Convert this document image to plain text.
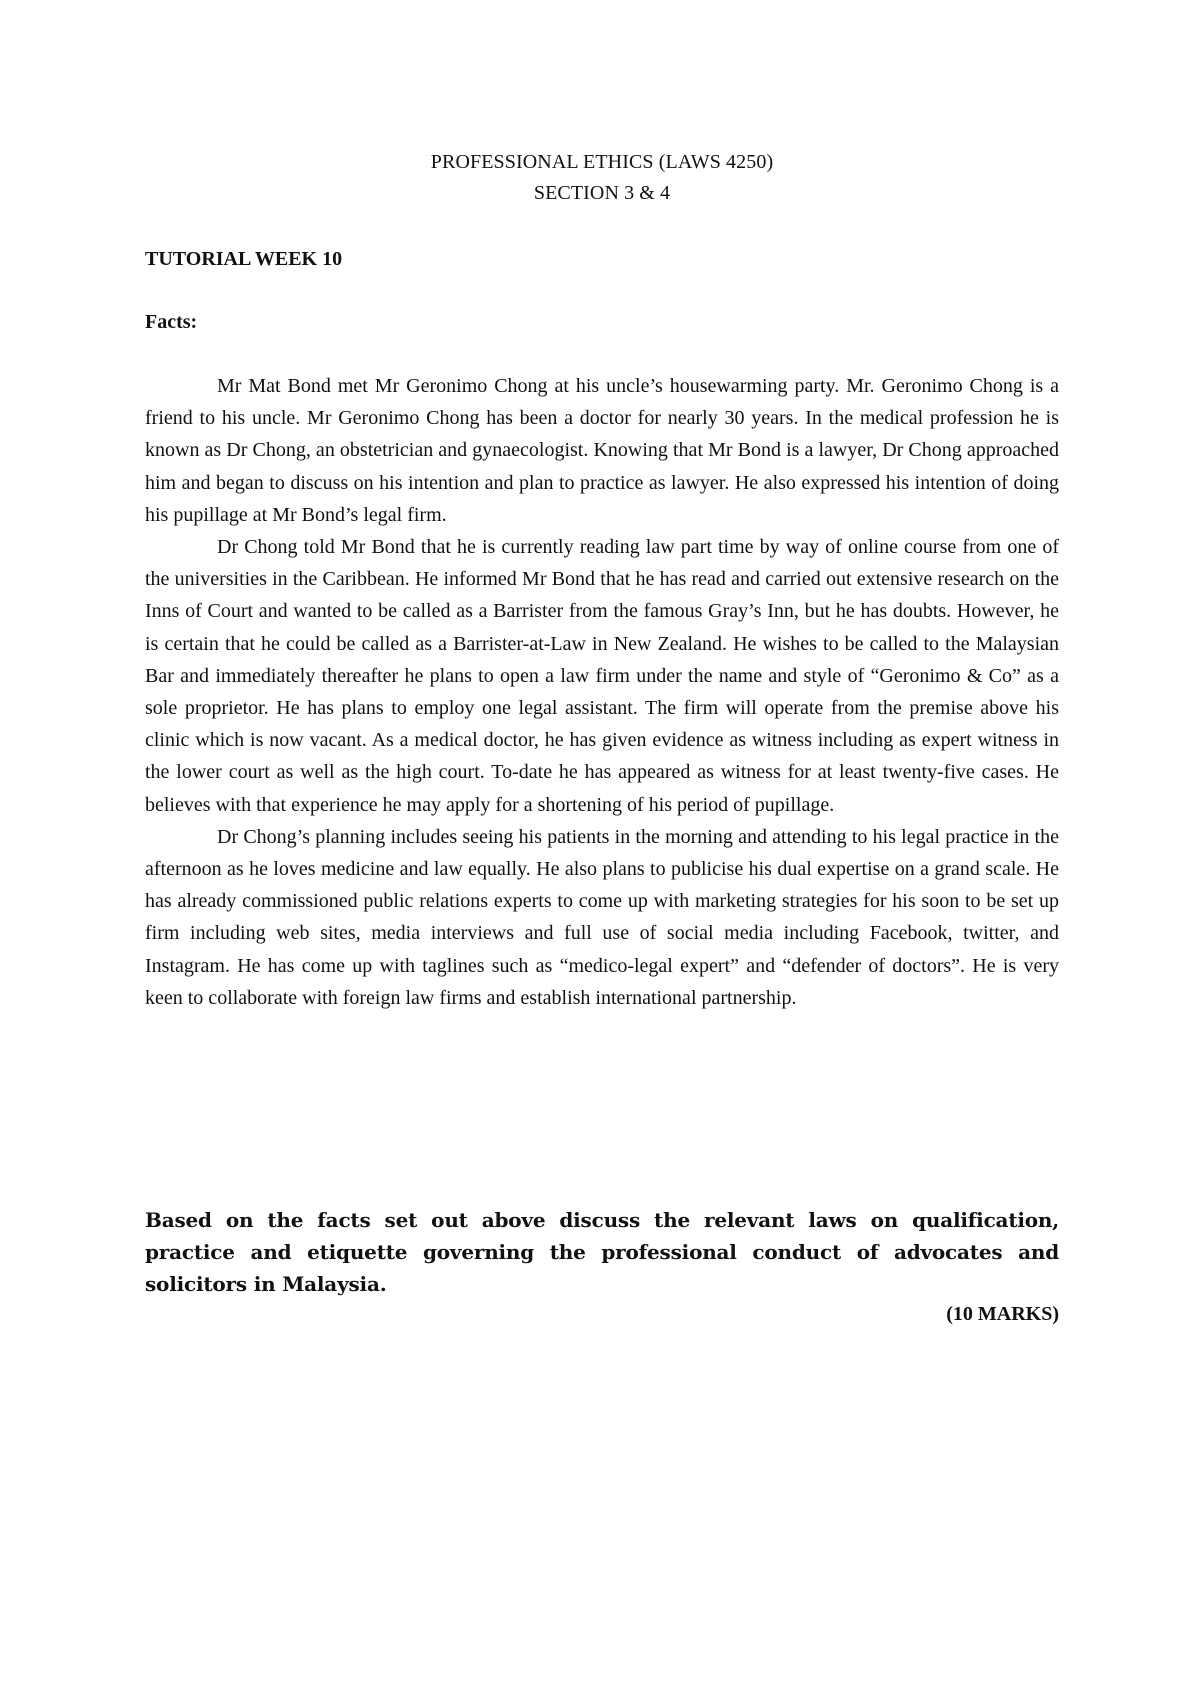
PROFESSIONAL ETHICS (LAWS 4250)
SECTION 3 & 4
TUTORIAL WEEK 10
Facts:

Mr Mat Bond met Mr Geronimo Chong at his uncle’s housewarming party. Mr. Geronimo Chong is a friend to his uncle. Mr Geronimo Chong has been a doctor for nearly 30 years. In the medical profession he is known as Dr Chong, an obstetrician and gynaecologist. Knowing that Mr Bond is a lawyer, Dr Chong approached him and began to discuss on his intention and plan to practice as lawyer. He also expressed his intention of doing his pupillage at Mr Bond’s legal firm.

Dr Chong told Mr Bond that he is currently reading law part time by way of online course from one of the universities in the Caribbean. He informed Mr Bond that he has read and carried out extensive research on the Inns of Court and wanted to be called as a Barrister from the famous Gray’s Inn, but he has doubts. However, he is certain that he could be called as a Barrister-at-Law in New Zealand. He wishes to be called to the Malaysian Bar and immediately thereafter he plans to open a law firm under the name and style of “Geronimo & Co” as a sole proprietor. He has plans to employ one legal assistant. The firm will operate from the premise above his clinic which is now vacant. As a medical doctor, he has given evidence as witness including as expert witness in the lower court as well as the high court. To-date he has appeared as witness for at least twenty-five cases. He believes with that experience he may apply for a shortening of his period of pupillage.

Dr Chong’s planning includes seeing his patients in the morning and attending to his legal practice in the afternoon as he loves medicine and law equally. He also plans to publicise his dual expertise on a grand scale. He has already commissioned public relations experts to come up with marketing strategies for his soon to be set up firm including web sites, media interviews and full use of social media including Facebook, twitter, and Instagram. He has come up with taglines such as “medico-legal expert” and “defender of doctors”. He is very keen to collaborate with foreign law firms and establish international partnership.

Based on the facts set out above discuss the relevant laws on qualification, practice and etiquette governing the professional conduct of advocates and solicitors in Malaysia.

(10 MARKS)
